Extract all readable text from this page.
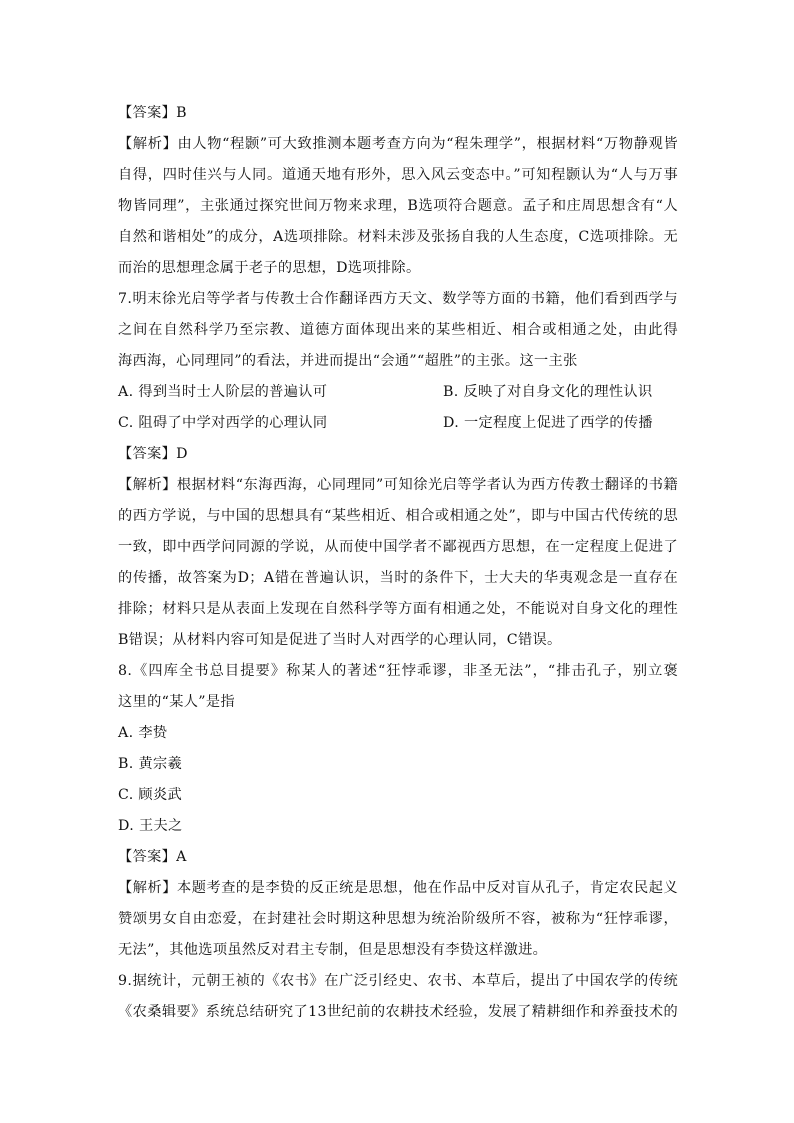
【答案】B
【解析】由人物“程颢”可大致推测本题考查方向为“程朱理学”，根据材料“万物静观皆
自得，四时佳兴与人同。道通天地有形外，思入风云变态中。”可知程颢认为“人与万事
物皆同理”，主张通过探究世间万物来求理，B选项符合题意。孟子和庄周思想含有“人
自然和谐相处”的成分，A选项排除。材料未涉及张扬自我的人生态度，C选项排除。无
而治的思想理念属于老子的思想，D选项排除。
7.明末徐光启等学者与传教士合作翻译西方天文、数学等方面的书籍，他们看到西学与
之间在自然科学乃至宗教、道德方面体现出来的某些相近、相合或相通之处，由此得
海西海，心同理同”的看法，并进而提出“会通”“超胜”的主张。这一主张
A. 得到当时士人阶层的普遍认可	B. 反映了对自身文化的理性认识
C. 阻碍了中学对西学的心理认同	D. 一定程度上促进了西学的传播
【答案】D
【解析】根据材料“东海西海，心同理同”可知徐光启等学者认为西方传教士翻译的书籍
的西方学说，与中国的思想具有“某些相近、相合或相通之处”，即与中国古代传统的思
一致，即中西学问同源的学说，从而使中国学者不鄙视西方思想，在一定程度上促进了
的传播，故答案为D；A错在普遍认识，当时的条件下，士大夫的华夷观念是一直存在
排除；材料只是从表面上发现在自然科学等方面有相通之处，不能说对自身文化的理性
B错误；从材料内容可知是促进了当时人对西学的心理认同，C错误。
8.《四库全书总目提要》称某人的著述“狂悖乖谬，非圣无法”，“排击孔子，别立褒
这里的“某人”是指
A. 李贽
B. 黄宗羲
C. 顾炎武
D. 王夫之
【答案】A
【解析】本题考查的是李贽的反正统是思想，他在作品中反对盲从孔子，肯定农民起义
赞颂男女自由恋爱，在封建社会时期这种思想为统治阶级所不容，被称为“狂悖乖谬，
无法”，其他选项虽然反对君主专制，但是思想没有李贽这样激进。
9.据统计，元朝王祯的《农书》在广泛引经史、农书、本草后，提出了中国农学的传统
《农桑辑要》系统总结研究了13世纪前的农耕技术经验，发展了精耕细作和养蚕技术的
